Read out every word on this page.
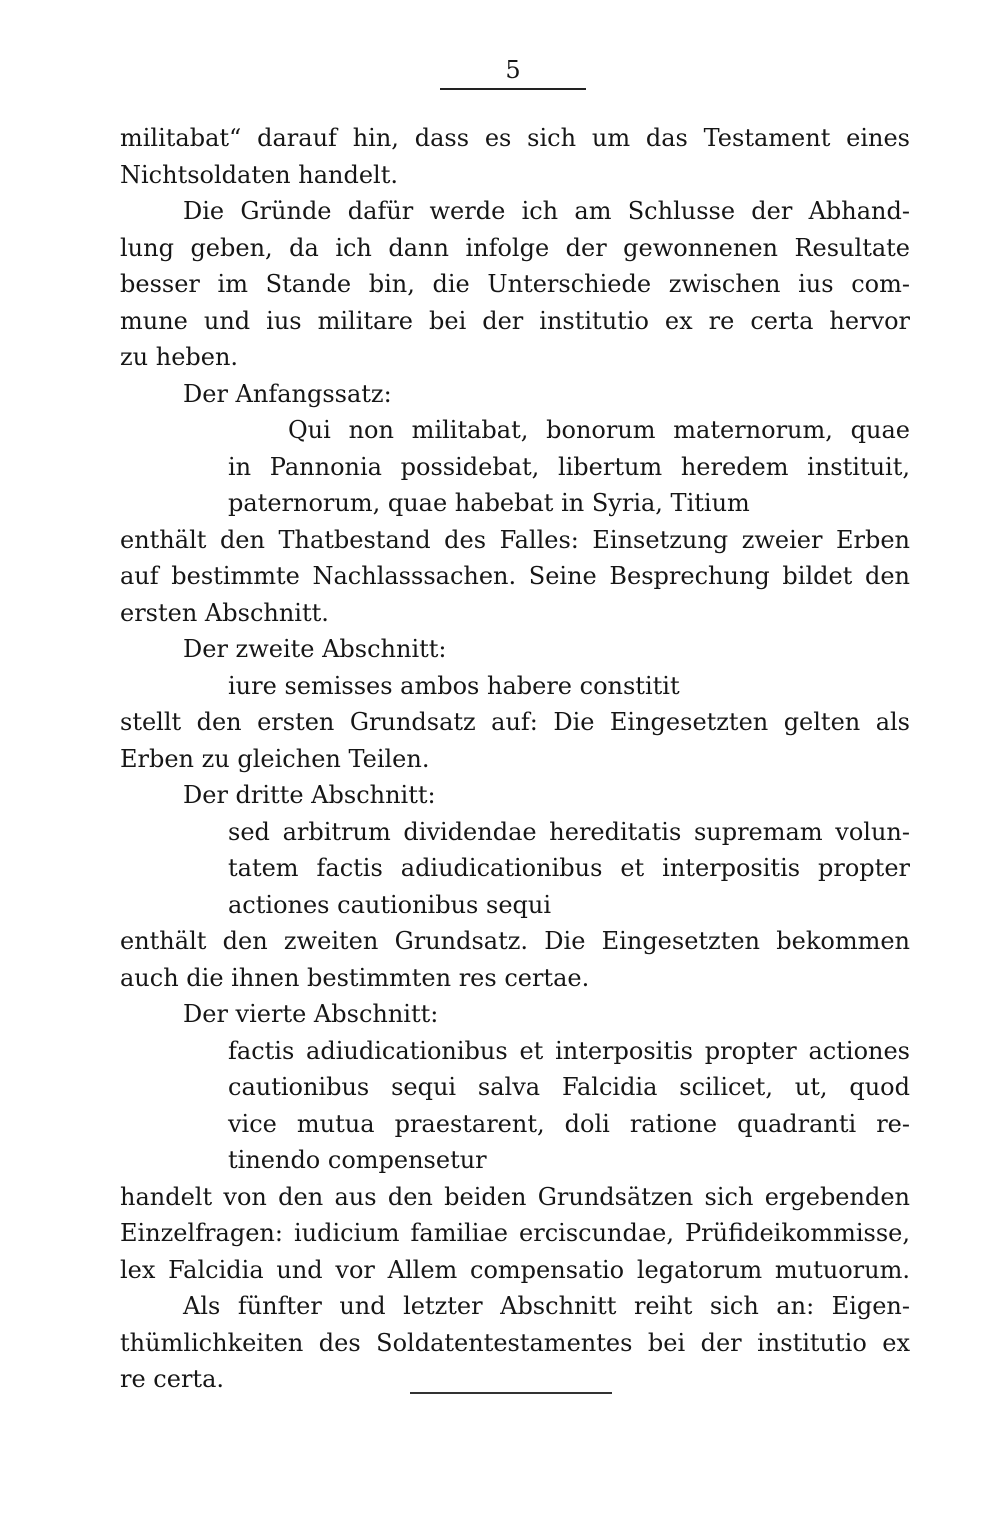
5
militabat“ darauf hin, dass es sich um das Testament eines
Nichtsoldaten handelt.
Die Gründe dafür werde ich am Schlusse der Abhand-
lung geben, da ich dann infolge der gewonnenen Resultate
besser im Stande bin, die Unterschiede zwischen ius com-
mune und ius militare bei der institutio ex re certa hervor
zu heben.
Der Anfangssatz:
Qui non militabat, bonorum maternorum, quae
in Pannonia possidebat, libertum heredem instituit,
paternorum, quae habebat in Syria, Titium
enthält den Thatbestand des Falles: Einsetzung zweier Erben
auf bestimmte Nachlasssachen. Seine Besprechung bildet den
ersten Abschnitt.
Der zweite Abschnitt:
iure semisses ambos habere constitit
stellt den ersten Grundsatz auf: Die Eingesetzten gelten als
Erben zu gleichen Teilen.
Der dritte Abschnitt:
sed arbitrum dividendae hereditatis supremam volun-
tatem factis adiudicationibus et interpositis propter
actiones cautionibus sequi
enthält den zweiten Grundsatz. Die Eingesetzten bekommen
auch die ihnen bestimmten res certae.
Der vierte Abschnitt:
factis adiudicationibus et interpositis propter actiones
cautionibus sequi salva Falcidia scilicet, ut, quod
vice mutua praestarent, doli ratione quadranti re-
tinendo compensetur
handelt von den aus den beiden Grundsätzen sich ergebenden
Einzelfragen: iudicium familiae erciscundae, Prüfideikommisse,
lex Falcidia und vor Allem compensatio legatorum mutuorum.
Als fünfter und letzter Abschnitt reiht sich an: Eigen-
thümlichkeiten des Soldatentestamentes bei der institutio ex
re certa.
